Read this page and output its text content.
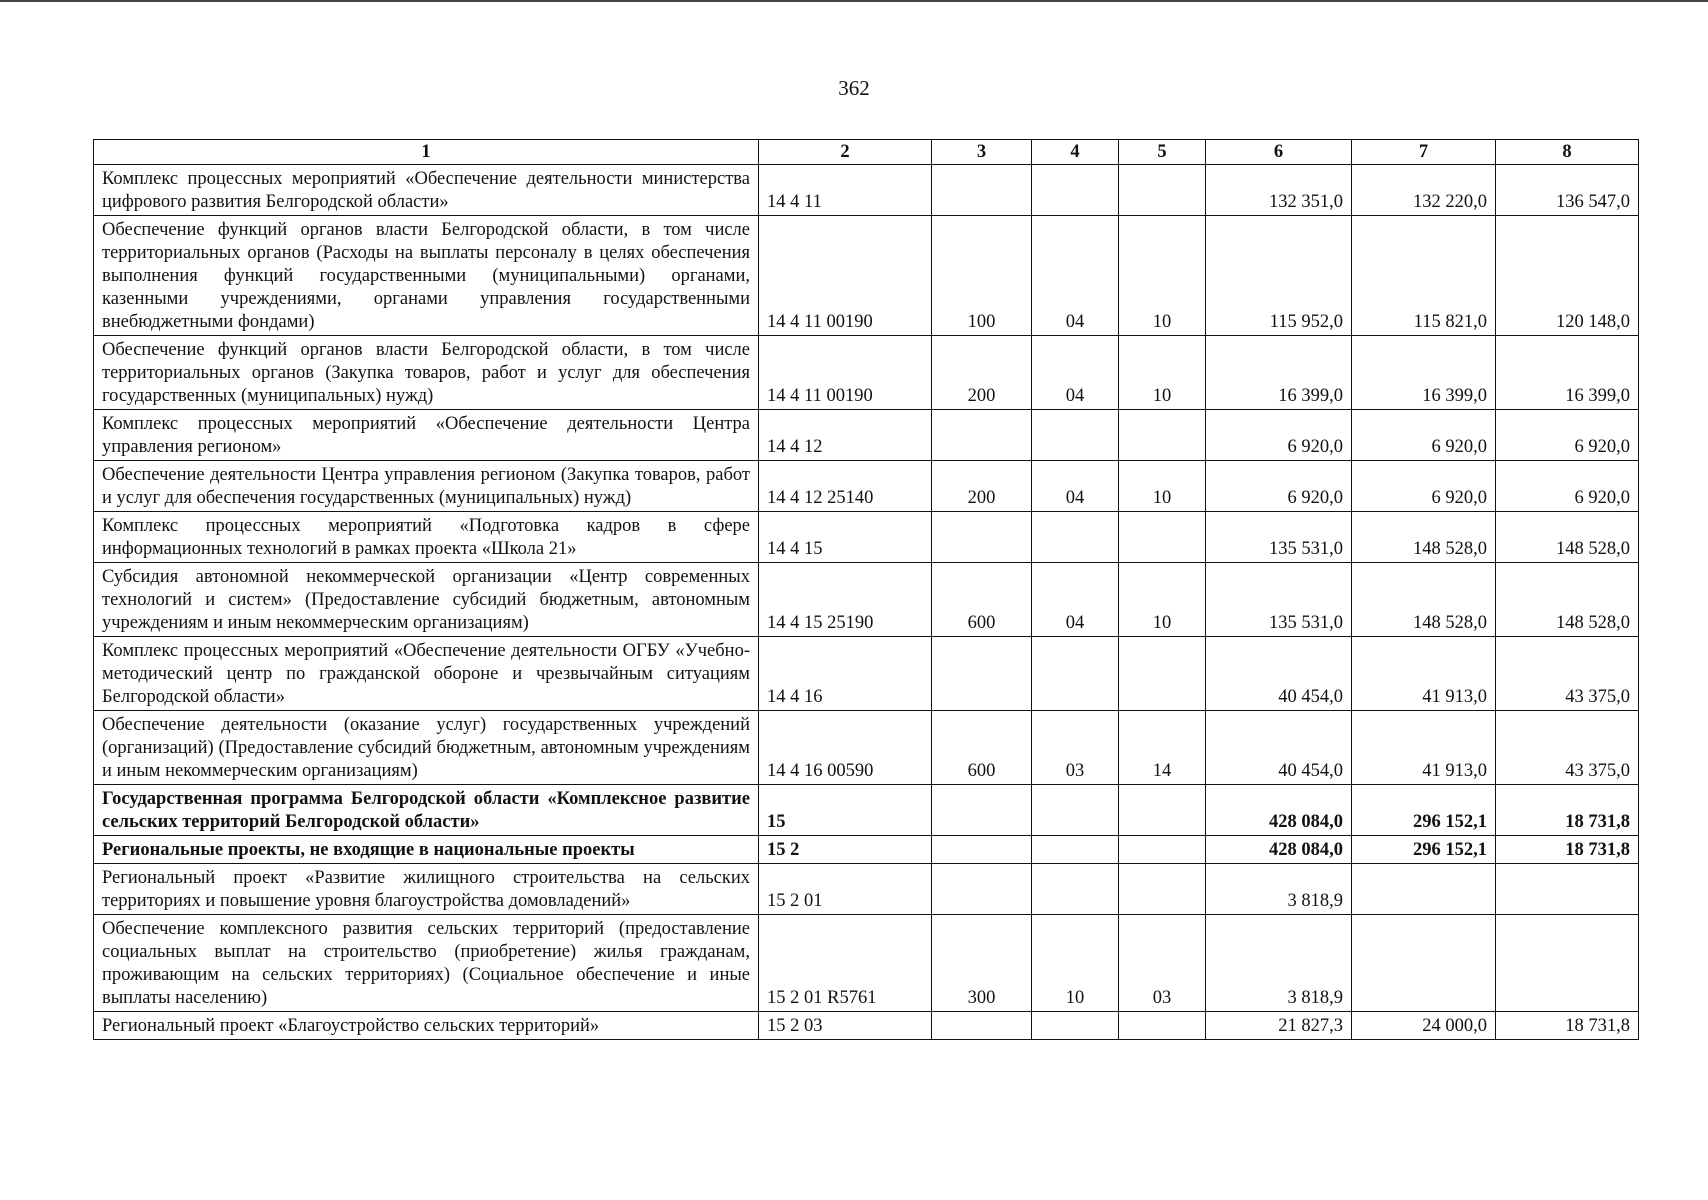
362
1	2	3	4	5	6	7	8
Комплекс процессных мероприятий «Обеспечение деятельности министерства цифрового развития Белгородской области»	14 4 11				132 351,0	132 220,0	136 547,0
Обеспечение функций органов власти Белгородской области, в том числе территориальных органов (Расходы на выплаты персоналу в целях обеспечения выполнения функций государственными (муниципальными) органами, казенными учреждениями, органами управления государственными внебюджетными фондами)	14 4 11 00190	100	04	10	115 952,0	115 821,0	120 148,0
Обеспечение функций органов власти Белгородской области, в том числе территориальных органов (Закупка товаров, работ и услуг для обеспечения государственных (муниципальных) нужд)	14 4 11 00190	200	04	10	16 399,0	16 399,0	16 399,0
Комплекс процессных мероприятий «Обеспечение деятельности Центра управления регионом»	14 4 12				6 920,0	6 920,0	6 920,0
Обеспечение деятельности Центра управления регионом (Закупка товаров, работ и услуг для обеспечения государственных (муниципальных) нужд)	14 4 12 25140	200	04	10	6 920,0	6 920,0	6 920,0
Комплекс процессных мероприятий «Подготовка кадров в сфере информационных технологий в рамках проекта «Школа 21»	14 4 15				135 531,0	148 528,0	148 528,0
Субсидия автономной некоммерческой организации «Центр современных технологий и систем» (Предоставление субсидий бюджетным, автономным учреждениям и иным некоммерческим организациям)	14 4 15 25190	600	04	10	135 531,0	148 528,0	148 528,0
Комплекс процессных мероприятий «Обеспечение деятельности ОГБУ «Учебно-методический центр по гражданской обороне и чрезвычайным ситуациям Белгородской области»	14 4 16				40 454,0	41 913,0	43 375,0
Обеспечение деятельности (оказание услуг) государственных учреждений (организаций) (Предоставление субсидий бюджетным, автономным учреждениям и иным некоммерческим организациям)	14 4 16 00590	600	03	14	40 454,0	41 913,0	43 375,0
Государственная программа Белгородской области «Комплексное развитие сельских территорий Белгородской области»	15				428 084,0	296 152,1	18 731,8
Региональные проекты, не входящие в национальные проекты	15 2				428 084,0	296 152,1	18 731,8
Региональный проект «Развитие жилищного строительства на сельских территориях и повышение уровня благоустройства домовладений»	15 2 01				3 818,9		
Обеспечение комплексного развития сельских территорий (предоставление социальных выплат на строительство (приобретение) жилья гражданам, проживающим на сельских территориях) (Социальное обеспечение и иные выплаты населению)	15 2 01 R5761	300	10	03	3 818,9		
Региональный проект «Благоустройство сельских территорий»	15 2 03				21 827,3	24 000,0	18 731,8
